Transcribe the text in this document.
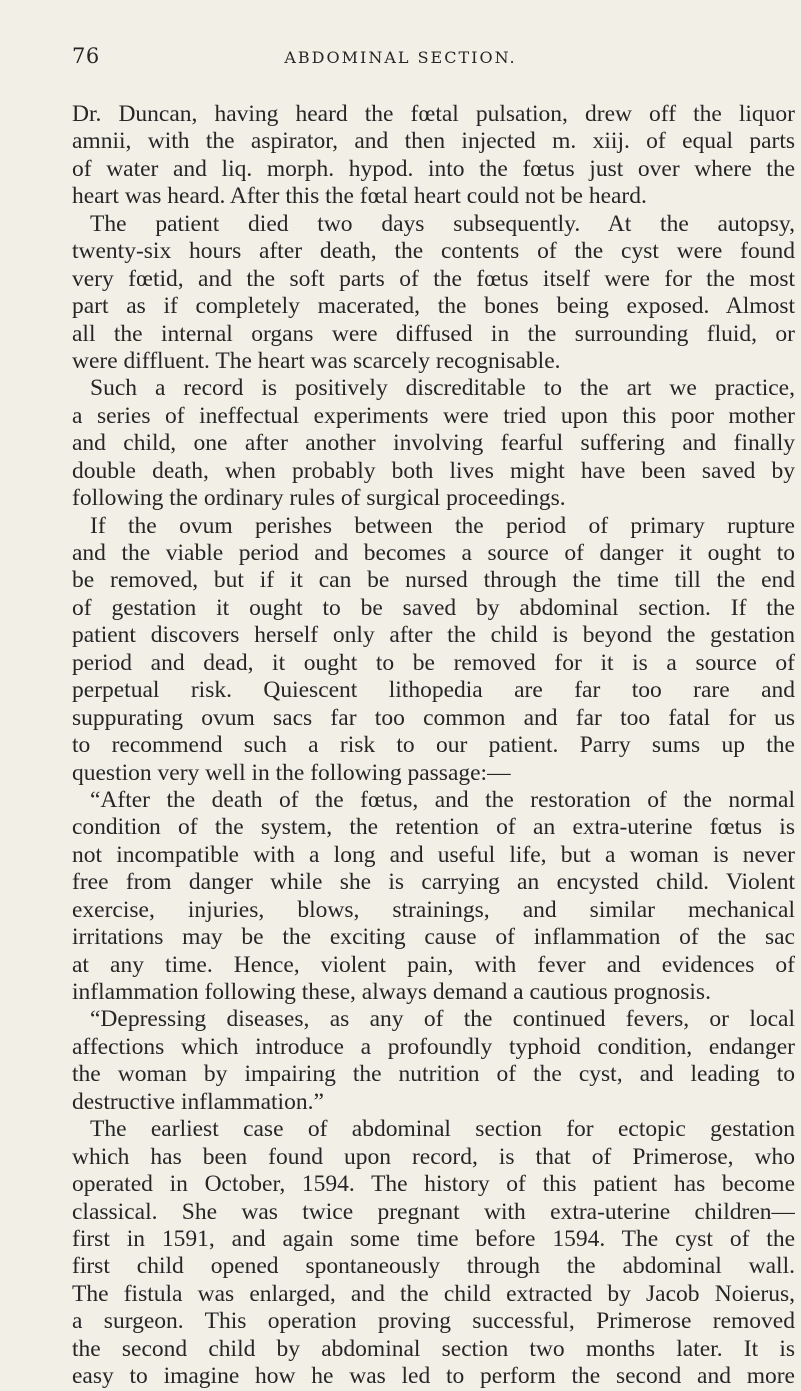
76	ABDOMINAL SECTION.
Dr. Duncan, having heard the fœtal pulsation, drew off the liquor
amnii, with the aspirator, and then injected m. xiij. of equal parts
of water and liq. morph. hypod. into the fœtus just over where the
heart was heard. After this the fœtal heart could not be heard.
The patient died two days subsequently. At the autopsy,
twenty-six hours after death, the contents of the cyst were found
very fœtid, and the soft parts of the fœtus itself were for the most
part as if completely macerated, the bones being exposed. Almost
all the internal organs were diffused in the surrounding fluid, or
were diffluent. The heart was scarcely recognisable.
Such a record is positively discreditable to the art we practice,
a series of ineffectual experiments were tried upon this poor mother
and child, one after another involving fearful suffering and finally
double death, when probably both lives might have been saved by
following the ordinary rules of surgical proceedings.
If the ovum perishes between the period of primary rupture
and the viable period and becomes a source of danger it ought to
be removed, but if it can be nursed through the time till the end
of gestation it ought to be saved by abdominal section. If the
patient discovers herself only after the child is beyond the gestation
period and dead, it ought to be removed for it is a source of
perpetual risk. Quiescent lithopedia are far too rare and
suppurating ovum sacs far too common and far too fatal for us
to recommend such a risk to our patient. Parry sums up the
question very well in the following passage:—
“After the death of the fœtus, and the restoration of the normal
condition of the system, the retention of an extra-uterine fœtus is
not incompatible with a long and useful life, but a woman is never
free from danger while she is carrying an encysted child. Violent
exercise, injuries, blows, strainings, and similar mechanical
irritations may be the exciting cause of inflammation of the sac
at any time. Hence, violent pain, with fever and evidences of
inflammation following these, always demand a cautious prognosis.
“Depressing diseases, as any of the continued fevers, or local
affections which introduce a profoundly typhoid condition, endanger
the woman by impairing the nutrition of the cyst, and leading to
destructive inflammation.”
The earliest case of abdominal section for ectopic gestation
which has been found upon record, is that of Primerose, who
operated in October, 1594. The history of this patient has become
classical. She was twice pregnant with extra-uterine children—
first in 1591, and again some time before 1594. The cyst of the
first child opened spontaneously through the abdominal wall.
The fistula was enlarged, and the child extracted by Jacob Noierus,
a surgeon. This operation proving successful, Primerose removed
the second child by abdominal section two months later. It is
easy to imagine how he was led to perform the second and more
